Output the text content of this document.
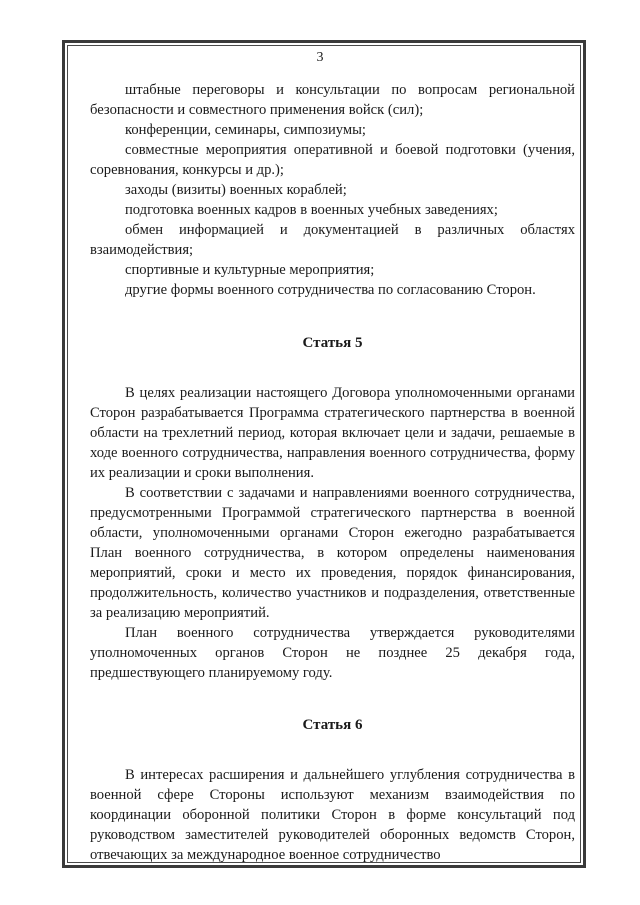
3

штабные переговоры и консультации по вопросам региональной безопасности и совместного применения войск (сил);

конференции, семинары, симпозиумы;

совместные мероприятия оперативной и боевой подготовки (учения, соревнования, конкурсы и др.);

заходы (визиты) военных кораблей;

подготовка военных кадров в военных учебных заведениях;

обмен информацией и документацией в различных областях взаимодействия;

спортивные и культурные мероприятия;

другие формы военного сотрудничества по согласованию Сторон.

Статья 5

В целях реализации настоящего Договора уполномоченными органами Сторон разрабатывается Программа стратегического партнерства в военной области на трехлетний период, которая включает цели и задачи, решаемые в ходе военного сотрудничества, направления военного сотрудничества, форму их реализации и сроки выполнения.

В соответствии с задачами и направлениями военного сотрудничества, предусмотренными Программой стратегического партнерства в военной области, уполномоченными органами Сторон ежегодно разрабатывается План военного сотрудничества, в котором определены наименования мероприятий, сроки и место их проведения, порядок финансирования, продолжительность, количество участников и подразделения, ответственные за реализацию мероприятий.

План военного сотрудничества утверждается руководителями уполномоченных органов Сторон не позднее 25 декабря года, предшествующего планируемому году.

Статья 6

В интересах расширения и дальнейшего углубления сотрудничества в военной сфере Стороны используют механизм взаимодействия по координации оборонной политики Сторон в форме консультаций под руководством заместителей руководителей оборонных ведомств Сторон, отвечающих за международное военное сотрудничество
